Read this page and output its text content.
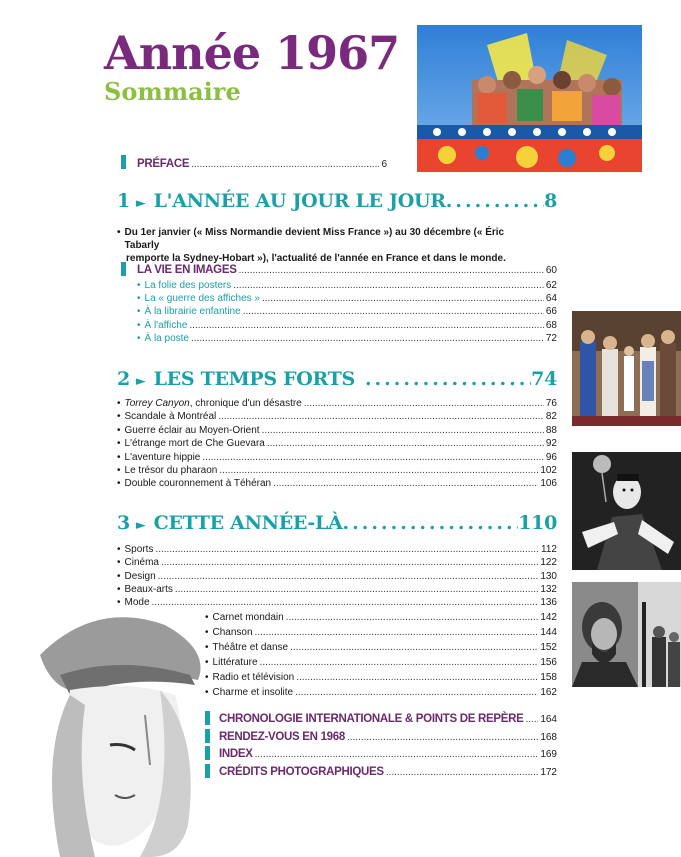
Année 1967
Sommaire
PRÉFACE .....	6
1 ► L'ANNÉE AU JOUR LE JOUR .....	8
• Du 1er janvier (« Miss Normandie devient Miss France ») au 30 décembre (« Éric Tabarly
remporte la Sydney-Hobart »), l'actualité de l'année en France et dans le monde.
LA VIE EN IMAGES .....	60
• La folie des posters .....	62
• La « guerre des affiches » .....	64
• À la librairie enfantine .....	66
• À l'affiche .....	68
• À la poste .....	72
2 ► LES TEMPS FORTS .....	74
• Torrey Canyon, chronique d'un désastre .....	76
• Scandale à Montréal .....	82
• Guerre éclair au Moyen-Orient .....	88
• L'étrange mort de Che Guevara .....	92
• L'aventure hippie .....	96
• Le trésor du pharaon .....	102
• Double couronnement à Téhéran .....	106
3 ► CETTE ANNÉE-LÀ .....	110
• Sports .....	112
• Cinéma .....	122
• Design .....	130
• Beaux-arts .....	132
• Mode .....	136
• Carnet mondain .....	142
• Chanson .....	144
• Théâtre et danse .....	152
• Littérature .....	156
• Radio et télévision .....	158
• Charme et insolite .....	162
CHRONOLOGIE INTERNATIONALE & POINTS DE REPÈRE ..... 164
RENDEZ-VOUS EN 1968 .....	168
INDEX .....	169
CRÉDITS PHOTOGRAPHIQUES .....	172
